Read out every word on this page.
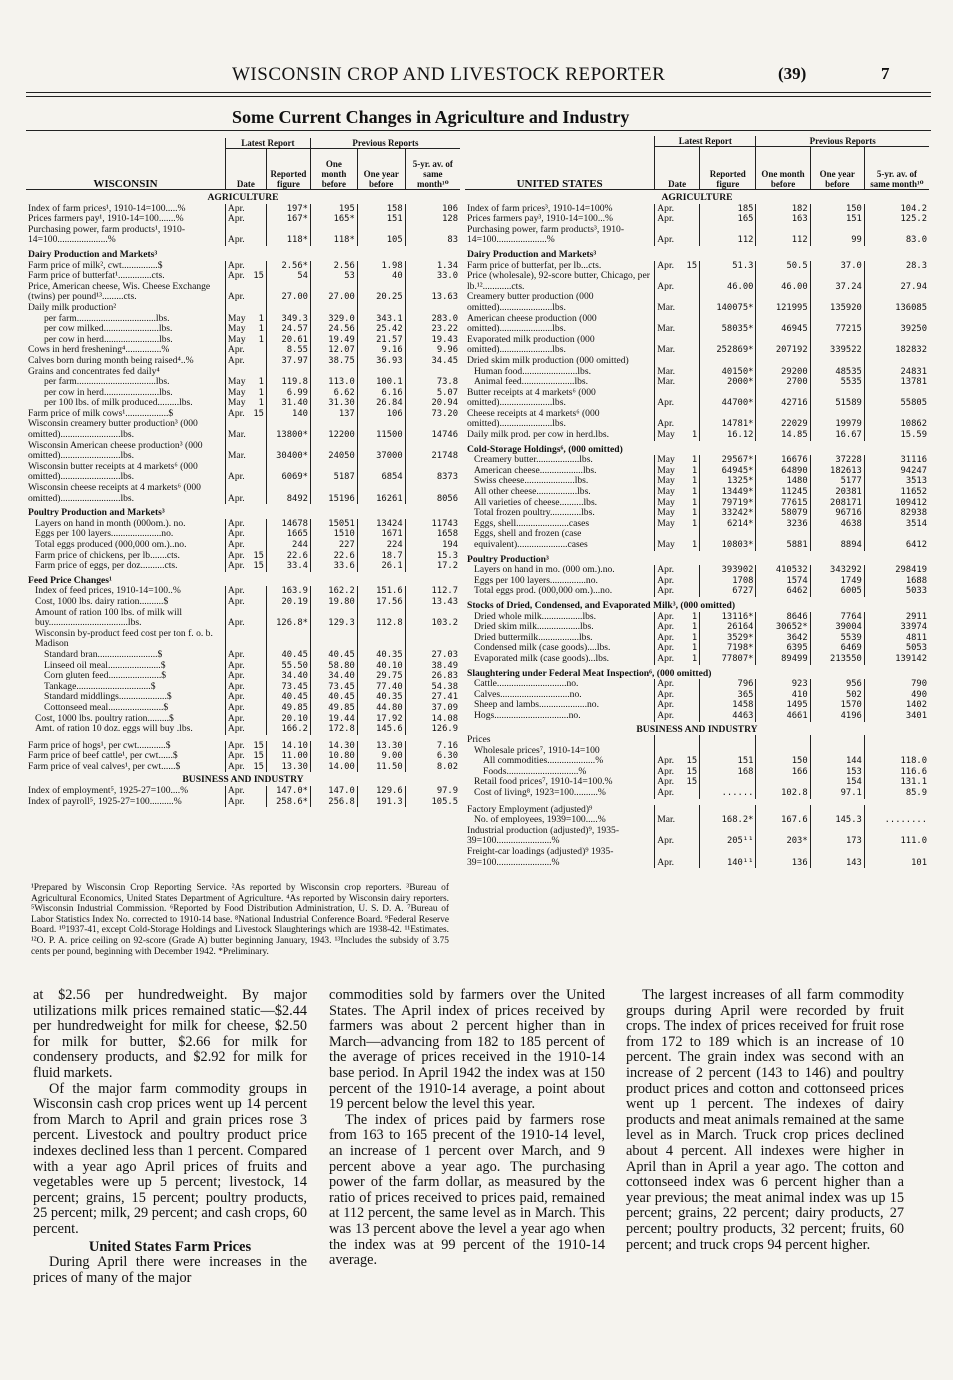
WISCONSIN CROP AND LIVESTOCK REPORTER	(39)	7
Some Current Changes in Agriculture and Industry
WISCONSIN	Latest Report			Previous Reports		
	Date		Reported figure	One month before	One year before	5-yr. av. of same month¹⁰
AGRICULTURE						
Index of farm prices¹, 1910-14=100.....%	Apr.		197*	195	158	106
Prices farmers pay¹, 1910-14=100.......%	Apr.		167*	165*	151	128
Purchasing power, farm products¹, 1910-14=100.....................%	Apr.		118*	118*	105	83
Dairy Production and Markets³						
Farm price of milk², cwt...............$	Apr.		2.56*	2.56	1.98	1.34
Farm price of butterfat¹..............cts.	Apr.	15	54	53	40	33.0
Price, American cheese, Wis. Cheese Exchange (twins) per pound¹³.........cts.	Apr.		27.00	27.00	20.25	13.63
Daily milk production²						
per farm.................................lbs.	May	1	349.3	329.0	343.1	283.0
per cow milked.......................lbs.	May	1	24.57	24.56	25.42	23.22
per cow in herd.......................lbs.	May	1	20.61	19.49	21.57	19.43
Cows in herd freshening⁴...............%	Apr.		8.55	12.07	9.16	9.96
Calves born during month being raised⁴..%	Apr.		37.97	38.75	36.93	34.45
Grains and concentrates fed daily⁴						
per farm.................................lbs.	May	1	119.8	113.0	100.1	73.8
per cow in herd.......................lbs.	May	1	6.99	6.62	6.16	5.07
per 100 lbs. of milk produced.........lbs.	May	1	31.40	31.30	26.84	20.94
Farm price of milk cows¹..................$	Apr.	15	140	137	106	73.20
Wisconsin creamery butter production³ (000 omitted).........................lbs.	Mar.		13800*	12200	11500	14746
Wisconsin American cheese production³ (000 omitted).........................lbs.	Mar.		30400*	24050	37000	21748
Wisconsin butter receipts at 4 markets⁶ (000 omitted).........................lbs.	Apr.		6069*	5187	6854	8373
Wisconsin cheese receipts at 4 markets⁶ (000 omitted).........................lbs.	Apr.		8492	15196	16261	8056
Poultry Production and Markets³						
Layers on hand in month (000om.). no.	Apr.		14678	15051	13424	11743
Eggs per 100 layers.....................no.	Apr.		1665	1510	1671	1658
Total eggs produced (000,000 om.)..no.	Apr.		244	227	224	194
Farm price of chickens, per lb.......cts.	Apr.	15	22.6	22.6	18.7	15.3
Farm price of eggs, per doz..........cts.	Apr.	15	33.4	33.6	26.1	17.2
Feed Price Changes¹						
Index of feed prices, 1910-14=100..%	Apr.		163.9	162.2	151.6	112.7
Cost, 1000 lbs. dairy ration..........$	Apr.		20.19	19.80	17.56	13.43
Amount of ration 100 lbs. of milk will buy.................................lbs.	Apr.		126.8*	129.3	112.8	103.2
Wisconsin by-product feed cost per ton f. o. b. Madison						
Standard bran.........................$	Apr.		40.45	40.45	40.35	27.03
Linseed oil meal......................$	Apr.		55.50	58.80	40.10	38.49
Corn gluten feed......................$	Apr.		34.40	34.40	29.75	26.83
Tankage...............................$	Apr.		73.45	73.45	77.40	54.38
Standard middlings....................$	Apr.		40.45	40.45	40.35	27.41
Cottonseed meal.......................$	Apr.		49.85	49.85	44.80	37.09
Cost, 1000 lbs. poultry ration.........$	Apr.		20.10	19.44	17.92	14.08
Amt. of ration 10 doz. eggs will buy .lbs.	Apr.		166.2	172.8	145.6	126.9

Farm price of hogs¹, per cwt............$	Apr.	15	14.10	14.30	13.30	7.16
Farm price of beef cattle¹, per cwt......$	Apr.	15	11.00	10.80	9.00	6.30
Farm price of veal calves¹, per cwt......$	Apr.	15	13.30	14.00	11.50	8.02
BUSINESS AND INDUSTRY						
Index of employment⁵, 1925-27=100....%	Apr.		147.0*	147.0	129.6	97.9
Index of payroll⁵, 1925-27=100..........%	Apr.		258.6*	256.8	191.3	105.5
UNITED STATES	Latest Report			Previous Reports		
	Date		Reported figure	One month before	One year before	5-yr. av. of same month¹⁰
AGRICULTURE						
Index of farm prices³, 1910-14=100%	Apr.		185	182	150	104.2
Prices farmers pay³, 1910-14=100...%	Apr.		165	163	151	125.2
Purchasing power, farm products³, 1910-14=100.....................%	Apr.		112	112	99	83.0
Dairy Production and Markets³						
Farm price of butterfat, per lb...cts.	Apr.	15	51.3	50.5	37.0	28.3
Price (wholesale), 92-score butter, Chicago, per lb.¹²............cts.	Apr.		46.00	46.00	37.24	27.94
Creamery butter production (000 omitted)......................lbs.	Mar.		140075*	121995	135920	136085
American cheese production (000 omitted)......................lbs.	Mar.		58035*	46945	77215	39250
Evaporated milk production (000 omitted)......................lbs.	Mar.		252869*	207192	339522	182832
Dried skim milk production (000 omitted)						
Human food.......................lbs.	Mar.		40150*	29200	48535	24831
Animal feed......................lbs.	Mar.		2000*	2700	5535	13781
Butter receipts at 4 markets⁶ (000 omitted)......................lbs.	Apr.		44700*	42716	51589	55805
Cheese receipts at 4 markets⁶ (000 omitted)......................lbs.	Apr.		14781*	22029	19979	10862
Daily milk prod. per cow in herd.lbs.	May	1	16.12	14.85	16.67	15.59
Cold-Storage Holdings⁶, (000 omitted)						
Creamery butter..................lbs.	May	1	29567*	16676	37228	31116
American cheese..................lbs.	May	1	64945*	64890	182613	94247
Swiss cheese.....................lbs.	May	1	1325*	1480	5177	3513
All other cheese.................lbs.	May	1	13449*	11245	20381	11652
All varieties of cheese..........lbs.	May	1	79719*	77615	208171	109412
Total frozen poultry.............lbs.	May	1	33242*	58079	96716	82938
Eggs, shell......................cases	May	1	6214*	3236	4638	3514
Eggs, shell and frozen (case equivalent).....................cases	May	1	10803*	5881	8894	6412
Poultry Production³						
Layers on hand in mo. (000 om.).no.	Apr.		393902	410532	343292	298419
Eggs per 100 layers...............no.	Apr.		1708	1574	1749	1688
Total eggs prod. (000,000 om.)...no.	Apr.		6727	6462	6005	5033
Stocks of Dried, Condensed, and Evaporated Milk³, (000 omitted)						
Dried whole milk.................lbs.	Apr.	1	13116*	8646	7764	2911
Dried skim milk..................lbs.	Apr.	1	26164	30652*	39004	33974
Dried buttermilk.................lbs.	Apr.	1	3529*	3642	5539	4811
Condensed milk (case goods)....lbs.	Apr.	1	7198*	6395	6469	5053
Evaporated milk (case goods)...lbs.	Apr.	1	77807*	89499	213550	139142
Slaughtering under Federal Meat Inspection⁶, (000 omitted)						
Cattle.............................no.	Apr.		796	923	956	790
Calves.............................no.	Apr.		365	410	502	490
Sheep and lambs....................no.	Apr.		1458	1495	1570	1402
Hogs...............................no.	Apr.		4463	4661	4196	3401
BUSINESS AND INDUSTRY						
Prices						
Wholesale prices⁷, 1910-14=100						
All commodities....................%	Apr.	15	151	150	144	118.0
Foods..............................%	Apr.	15	168	166	153	116.6
Retail food prices⁷, 1910-14=100.%	Apr.	15			154	131.1
Cost of living⁸, 1923=100..........%	Apr.		......	102.8	97.1	85.9

Factory Employment (adjusted)⁹						
No. of employees, 1939=100.....%	Mar.		168.2*	167.6	145.3	........
Industrial production (adjusted)⁹, 1935-39=100.......................%	Apr.		205¹¹	203*	173	111.0
Freight-car loadings (adjusted)⁹ 1935-39=100.......................%	Apr.		140¹¹	136	143	101
¹Prepared by Wisconsin Crop Reporting Service. ²As reported by Wisconsin crop reporters. ³Bureau of Agricultural Economics, United States Department of Agriculture. ⁴As reported by Wisconsin dairy reporters. ⁵Wisconsin Industrial Commission. ⁶Reported by Food Distribution Administration, U. S. D. A. ⁷Bureau of Labor Statistics Index No. corrected to 1910-14 base. ⁸National Industrial Conference Board. ⁹Federal Reserve Board. ¹⁰1937-41, except Cold-Storage Holdings and Livestock Slaughterings which are 1938-42. ¹¹Estimates. ¹²O. P. A. price ceiling on 92-score (Grade A) butter beginning January, 1943. ¹³Includes the subsidy of 3.75 cents per pound, beginning with December 1942. *Preliminary.

at $2.56 per hundredweight. By major utilizations milk prices remained static—$2.44 per hundredweight for milk for cheese, $2.50 for milk for butter, $2.66 for milk for condensery products, and $2.92 for milk for fluid markets.

Of the major farm commodity groups in Wisconsin cash crop prices went up 14 percent from March to April and grain prices rose 3 percent. Livestock and poultry product price indexes declined less than 1 percent. Compared with a year ago April prices of fruits and vegetables were up 5 percent; livestock, 14 percent; grains, 15 percent; poultry products, 25 percent; milk, 29 percent; and cash crops, 60 percent.

United States Farm Prices

During April there were increases in the prices of many of the major

commodities sold by farmers over the United States. The April index of prices received by farmers was about 2 percent higher than in March—advancing from 182 to 185 percent of the average of prices received in the 1910-14 base period. In April 1942 the index was at 150 percent of the 1910-14 average, a point about 19 percent below the level this year.

The index of prices paid by farmers rose from 163 to 165 precent of the 1910-14 level, an increase of 1 percent over March, and 9 percent above a year ago. The purchasing power of the farm dollar, as measured by the ratio of prices received to prices paid, remained at 112 percent, the same level as in March. This was 13 percent above the level a year ago when the index was at 99 percent of the 1910-14 average.

The largest increases of all farm commodity groups during April were recorded by fruit crops. The index of prices received for fruit rose from 172 to 189 which is an increase of 10 percent. The grain index was second with an increase of 2 percent (143 to 146) and poultry product prices and cotton and cottonseed prices went up 1 percent. The indexes of dairy products and meat animals remained at the same level as in March. Truck crop prices declined about 4 percent. All indexes were higher in April than in April a year ago. The cotton and cottonseed index was 6 percent higher than a year previous; the meat animal index was up 15 percent; grains, 22 percent; dairy products, 27 percent; poultry products, 32 percent; fruits, 60 percent; and truck crops 94 percent higher.
